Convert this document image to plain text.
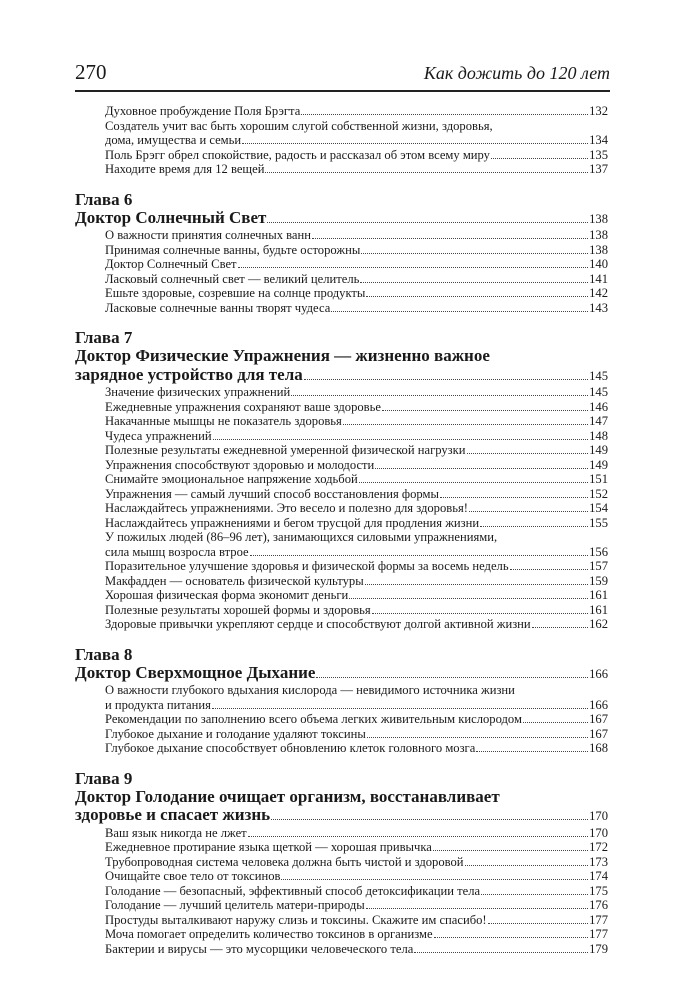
270	Как дожить до 120 лет
Духовное пробуждение Поля Брэгта	132
Создатель учит вас быть хорошим слугой собственной жизни, здоровья,
дома, имущества и семьи	134
Поль Брэгг обрел спокойствие, радость и рассказал об этом всему миру	135
Находите время для 12 вещей	137
Глава 6
Доктор Солнечный Свет	138
О важности принятия солнечных ванн	138
Принимая солнечные ванны, будьте осторожны	138
Доктор Солнечный Свет	140
Ласковый солнечный свет — великий целитель	141
Ешьте здоровые, созревшие на солнце продукты	142
Ласковые солнечные ванны творят чудеса	143
Глава 7
Доктор Физические Упражнения — жизненно важное
зарядное устройство для тела	145
Значение физических упражнений	145
Ежедневные упражнения сохраняют ваше здоровье	146
Накачанные мышцы не показатель здоровья	147
Чудеса упражнений	148
Полезные результаты ежедневной умеренной физической нагрузки	149
Упражнения способствуют здоровью и молодости	149
Снимайте эмоциональное напряжение ходьбой	151
Упражнения — самый лучший способ восстановления формы	152
Наслаждайтесь упражнениями. Это весело и полезно для здоровья!	154
Наслаждайтесь упражнениями и бегом трусцой для продления жизни	155
У пожилых людей (86–96 лет), занимающихся силовыми упражнениями,
сила мышц возросла втрое	156
Поразительное улучшение здоровья и физической формы за восемь недель	157
Макфадден — основатель физической культуры	159
Хорошая физическая форма экономит деньги	161
Полезные результаты хорошей формы и здоровья	161
Здоровые привычки укрепляют сердце и способствуют долгой активной жизни	162
Глава 8
Доктор Сверхмощное Дыхание	166
О важности глубокого вдыхания кислорода — невидимого источника жизни
и продукта питания	166
Рекомендации по заполнению всего объема легких живительным кислородом	167
Глубокое дыхание и голодание удаляют токсины	167
Глубокое дыхание способствует обновлению клеток головного мозга	168
Глава 9
Доктор Голодание очищает организм, восстанавливает
здоровье и спасает жизнь	170
Ваш язык никогда не лжет	170
Ежедневное протирание языка щеткой — хорошая привычка	172
Трубопроводная система человека должна быть чистой и здоровой	173
Очищайте свое тело от токсинов	174
Голодание — безопасный, эффективный способ детоксификации тела	175
Голодание — лучший целитель матери-природы	176
Простуды выталкивают наружу слизь и токсины. Скажите им спасибо!	177
Моча помогает определить количество токсинов в организме	177
Бактерии и вирусы — это мусорщики человеческого тела	179
